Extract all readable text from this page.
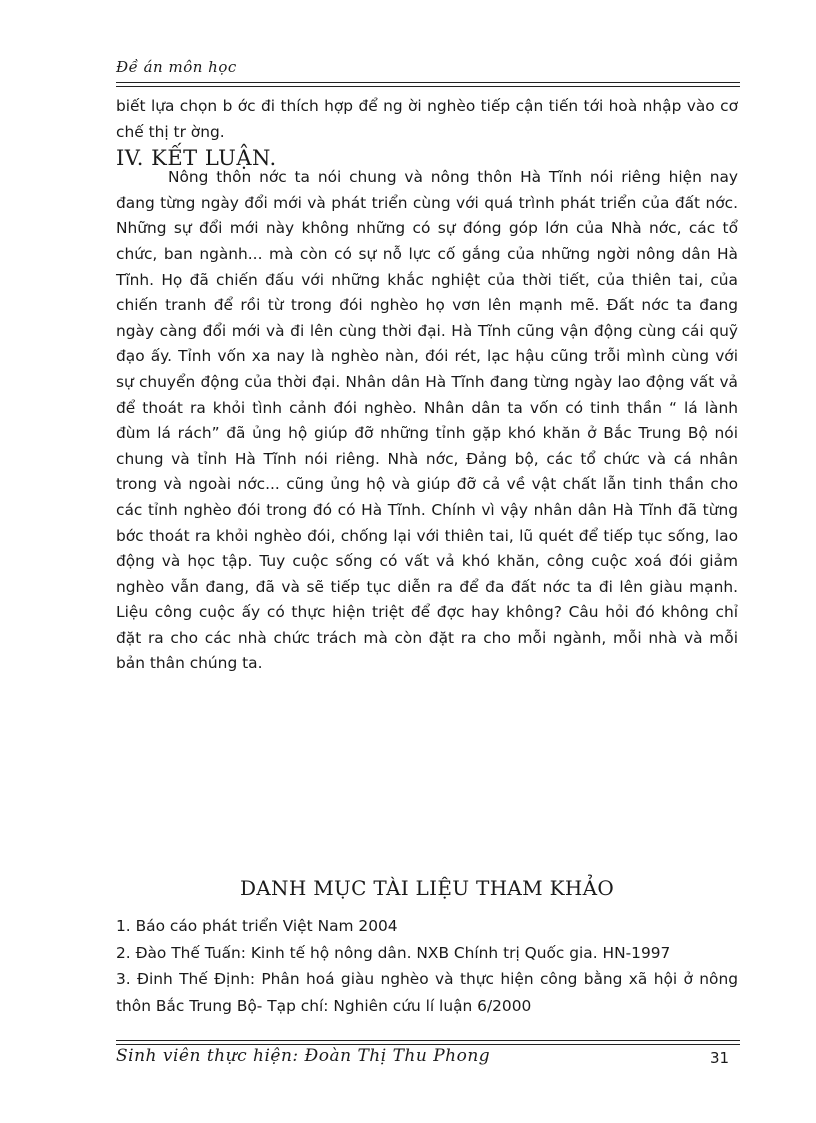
Đề án môn học

biết lựa chọn b ớc đi thích hợp để ng ời nghèo tiếp cận tiến tới hoà nhập vào cơ chế thị tr ờng.

IV. KẾT LUẬN.

Nông thôn nớc ta nói chung và nông thôn Hà Tĩnh nói riêng hiện nay đang từng ngày đổi mới và phát triển cùng với quá trình phát triển của đất nớc. Những sự đổi mới này không những có sự đóng góp lớn của Nhà nớc, các tổ chức, ban ngành... mà còn có sự nỗ lực cố gắng của những ngời nông dân Hà Tĩnh. Họ đã chiến đấu với những khắc nghiệt của thời tiết, của thiên tai, của chiến tranh để rồi từ trong đói nghèo họ vơn lên mạnh mẽ. Đất nớc ta đang ngày càng đổi mới và đi lên cùng thời đại. Hà Tĩnh cũng vận động cùng cái quỹ đạo ấy. Tỉnh vốn xa nay là nghèo nàn, đói rét, lạc hậu cũng trỗi mình cùng với sự chuyển động của thời đại. Nhân dân Hà Tĩnh đang từng ngày lao động vất vả để thoát ra khỏi tình cảnh đói nghèo. Nhân dân ta vốn có tinh thần “ lá lành đùm lá rách” đã ủng hộ giúp đỡ những tỉnh gặp khó khăn ở Bắc Trung Bộ nói chung và tỉnh Hà Tĩnh nói riêng. Nhà nớc, Đảng bộ, các tổ chức và cá nhân trong và ngoài nớc... cũng ủng hộ và giúp đỡ cả về vật chất lẫn tinh thần cho các tỉnh nghèo đói trong đó có Hà Tĩnh. Chính vì vậy nhân dân Hà Tĩnh đã từng bớc thoát ra khỏi nghèo đói, chống lại với thiên tai, lũ quét để tiếp tục sống, lao động và học tập. Tuy cuộc sống có vất vả khó khăn, công cuộc xoá đói giảm nghèo vẫn đang, đã và sẽ tiếp tục diễn ra để đa đất nớc ta đi lên giàu mạnh. Liệu công cuộc ấy có thực hiện triệt để đợc hay không? Câu hỏi đó không chỉ đặt ra cho các nhà chức trách mà còn đặt ra cho mỗi ngành, mỗi nhà và mỗi bản thân chúng ta.

DANH MỤC TÀI LIỆU THAM KHẢO
1. Báo cáo phát triển Việt Nam 2004
2. Đào Thế Tuấn: Kinh tế hộ nông dân. NXB Chính trị Quốc gia. HN-1997
3. Đinh Thế Định: Phân hoá giàu nghèo và thực hiện công bằng xã hội ở nông thôn Bắc Trung Bộ- Tạp chí: Nghiên cứu lí luận 6/2000
Sinh viên thực hiện: Đoàn Thị Thu Phong	31
